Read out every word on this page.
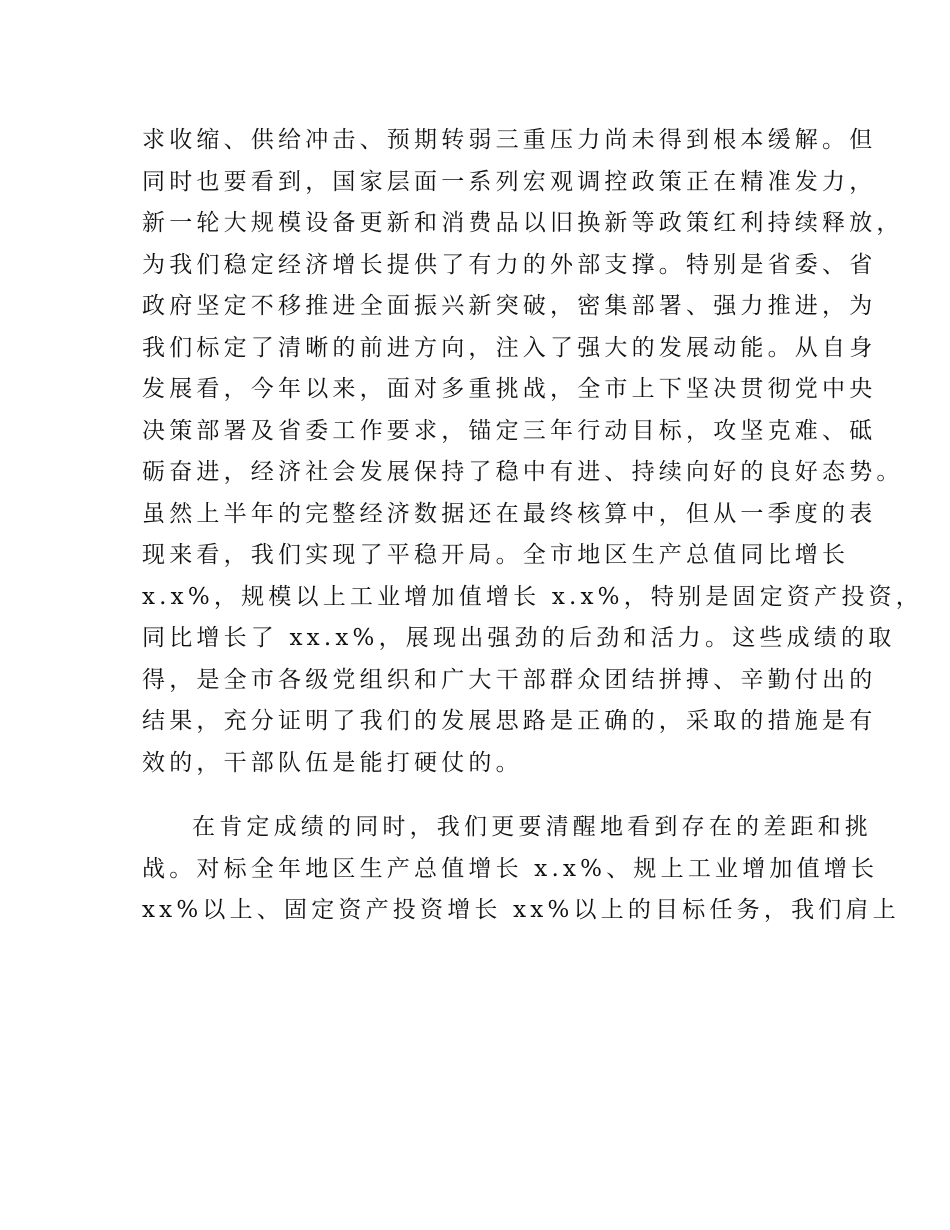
求收缩、供给冲击、预期转弱三重压力尚未得到根本缓解。但
同时也要看到，国家层面一系列宏观调控政策正在精准发力，
新一轮大规模设备更新和消费品以旧换新等政策红利持续释放，
为我们稳定经济增长提供了有力的外部支撑。特别是省委、省
政府坚定不移推进全面振兴新突破，密集部署、强力推进，为
我们标定了清晰的前进方向，注入了强大的发展动能。从自身
发展看，今年以来，面对多重挑战，全市上下坚决贯彻党中央
决策部署及省委工作要求，锚定三年行动目标，攻坚克难、砥
砺奋进，经济社会发展保持了稳中有进、持续向好的良好态势。
虽然上半年的完整经济数据还在最终核算中，但从一季度的表
现来看，我们实现了平稳开局。全市地区生产总值同比增长
x.x%，规模以上工业增加值增长 x.x%，特别是固定资产投资，
同比增长了 xx.x%，展现出强劲的后劲和活力。这些成绩的取
得，是全市各级党组织和广大干部群众团结拼搏、辛勤付出的
结果，充分证明了我们的发展思路是正确的，采取的措施是有
效的，干部队伍是能打硬仗的。

在肯定成绩的同时，我们更要清醒地看到存在的差距和挑
战。对标全年地区生产总值增长 x.x%、规上工业增加值增长
xx%以上、固定资产投资增长 xx%以上的目标任务，我们肩上
